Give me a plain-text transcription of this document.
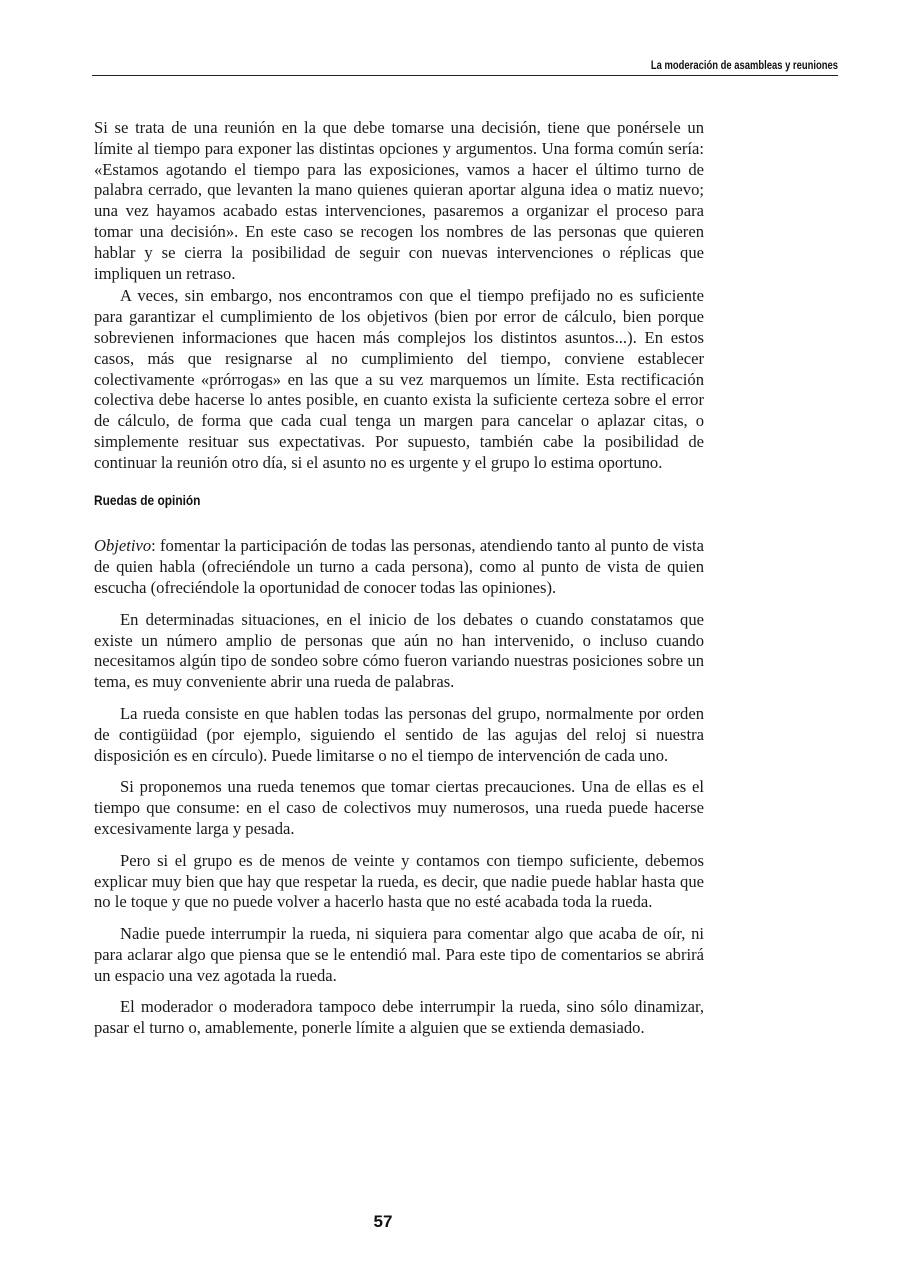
La moderación de asambleas y reuniones

Si se trata de una reunión en la que debe tomarse una decisión, tiene que ponérsele un límite al tiempo para exponer las distintas opciones y argumentos. Una forma común sería: «Estamos agotando el tiempo para las exposiciones, vamos a hacer el último turno de palabra cerrado, que levanten la mano quienes quieran aportar alguna idea o matiz nuevo; una vez hayamos acabado estas intervenciones, pasaremos a organizar el proceso para tomar una decisión». En este caso se recogen los nombres de las personas que quieren hablar y se cierra la posibilidad de seguir con nuevas intervenciones o réplicas que impliquen un retraso.

A veces, sin embargo, nos encontramos con que el tiempo prefijado no es suficiente para garantizar el cumplimiento de los objetivos (bien por error de cálculo, bien porque sobrevienen informaciones que hacen más complejos los distintos asuntos...). En estos casos, más que resignarse al no cumplimiento del tiempo, conviene establecer colectivamente «prórrogas» en las que a su vez marquemos un límite. Esta rectificación colectiva debe hacerse lo antes posible, en cuanto exista la suficiente certeza sobre el error de cálculo, de forma que cada cual tenga un margen para cancelar o aplazar citas, o simplemente resituar sus expectativas. Por supuesto, también cabe la posibilidad de continuar la reunión otro día, si el asunto no es urgente y el grupo lo estima oportuno.

Ruedas de opinión

Objetivo: fomentar la participación de todas las personas, atendiendo tanto al punto de vista de quien habla (ofreciéndole un turno a cada persona), como al punto de vista de quien escucha (ofreciéndole la oportunidad de conocer todas las opiniones).

En determinadas situaciones, en el inicio de los debates o cuando constatamos que existe un número amplio de personas que aún no han intervenido, o incluso cuando necesitamos algún tipo de sondeo sobre cómo fueron variando nuestras posiciones sobre un tema, es muy conveniente abrir una rueda de palabras.

La rueda consiste en que hablen todas las personas del grupo, normalmente por orden de contigüidad (por ejemplo, siguiendo el sentido de las agujas del reloj si nuestra disposición es en círculo). Puede limitarse o no el tiempo de intervención de cada uno.

Si proponemos una rueda tenemos que tomar ciertas precauciones. Una de ellas es el tiempo que consume: en el caso de colectivos muy numerosos, una rueda puede hacerse excesivamente larga y pesada.

Pero si el grupo es de menos de veinte y contamos con tiempo suficiente, debemos explicar muy bien que hay que respetar la rueda, es decir, que nadie puede hablar hasta que no le toque y que no puede volver a hacerlo hasta que no esté acabada toda la rueda.

Nadie puede interrumpir la rueda, ni siquiera para comentar algo que acaba de oír, ni para aclarar algo que piensa que se le entendió mal. Para este tipo de comentarios se abrirá un espacio una vez agotada la rueda.

El moderador o moderadora tampoco debe interrumpir la rueda, sino sólo dinamizar, pasar el turno o, amablemente, ponerle límite a alguien que se extienda demasiado.

57
